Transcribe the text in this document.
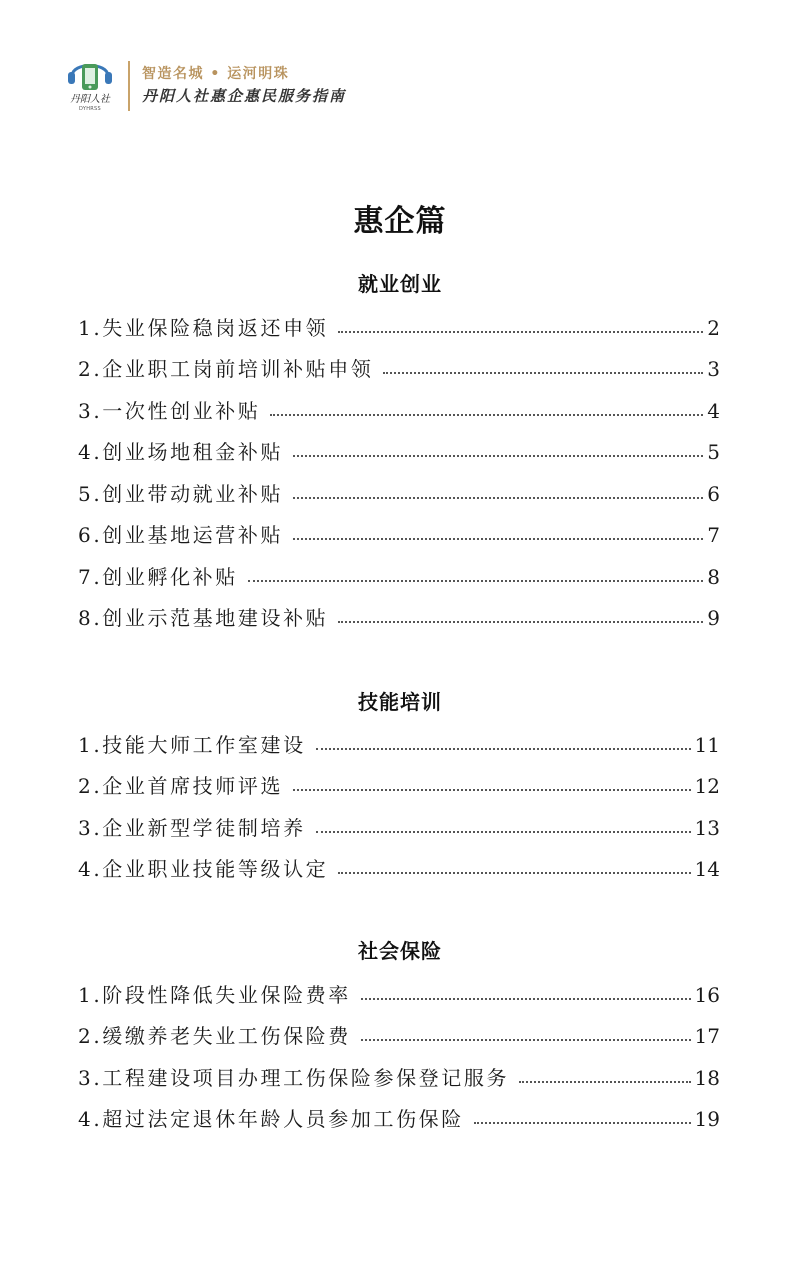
丹阳人社
DYHRSS
智造名城 • 运河明珠
丹阳人社惠企惠民服务指南
惠企篇
就业创业
1.失业保险稳岗返还申领	2
2.企业职工岗前培训补贴申领	3
3.一次性创业补贴	4
4.创业场地租金补贴	5
5.创业带动就业补贴	6
6.创业基地运营补贴	7
7.创业孵化补贴	8
8.创业示范基地建设补贴	9
技能培训
1.技能大师工作室建设	11
2.企业首席技师评选	12
3.企业新型学徒制培养	13
4.企业职业技能等级认定	14
社会保险
1.阶段性降低失业保险费率	16
2.缓缴养老失业工伤保险费	17
3.工程建设项目办理工伤保险参保登记服务	18
4.超过法定退休年龄人员参加工伤保险	19
